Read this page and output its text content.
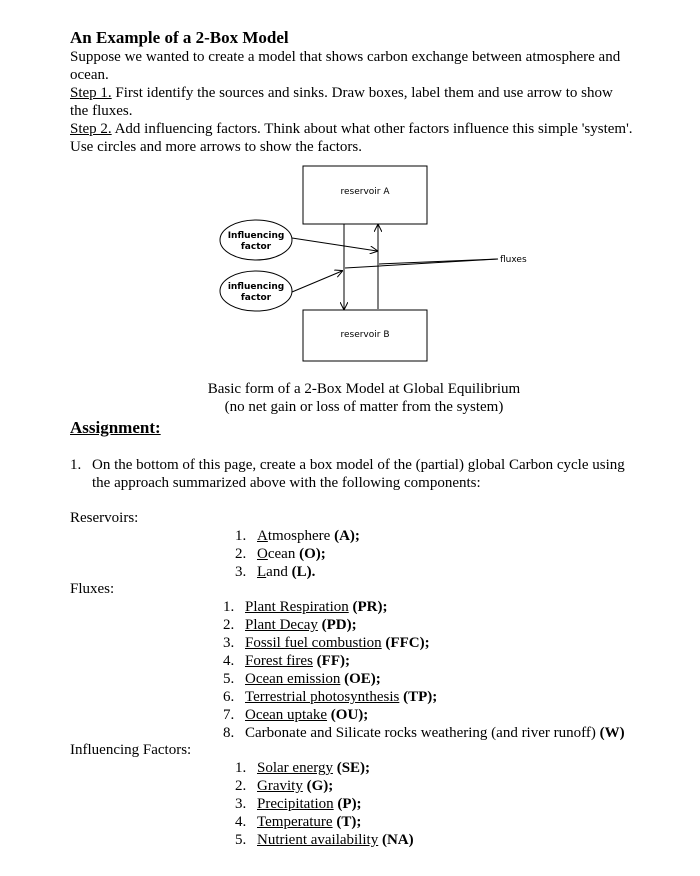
An Example of a 2-Box Model
Suppose we wanted to create a model that shows carbon exchange between atmosphere and
ocean.
Step 1. First identify the sources and sinks. Draw boxes, label them and use arrow to show
the fluxes.
Step 2. Add influencing factors. Think about what other factors influence this simple 'system'.
Use circles and more arrows to show the factors.
reservoir A
reservoir B
Influencing
factor
influencing
factor
fluxes
Basic form of a 2-Box Model at Global Equilibrium
(no net gain or loss of matter from the system)
Assignment:
1. On the bottom of this page, create a box model of the (partial) global Carbon cycle using
the approach summarized above with the following components:
Reservoirs:
1. Atmosphere (A);
2. Ocean (O);
3. Land (L).
Fluxes:
1. Plant Respiration (PR);
2. Plant Decay (PD);
3. Fossil fuel combustion (FFC);
4. Forest fires (FF);
5. Ocean emission (OE);
6. Terrestrial photosynthesis (TP);
7. Ocean uptake (OU);
8. Carbonate and Silicate rocks weathering (and river runoff) (W)
Influencing Factors:
1. Solar energy (SE);
2. Gravity (G);
3. Precipitation (P);
4. Temperature (T);
5. Nutrient availability (NA)
